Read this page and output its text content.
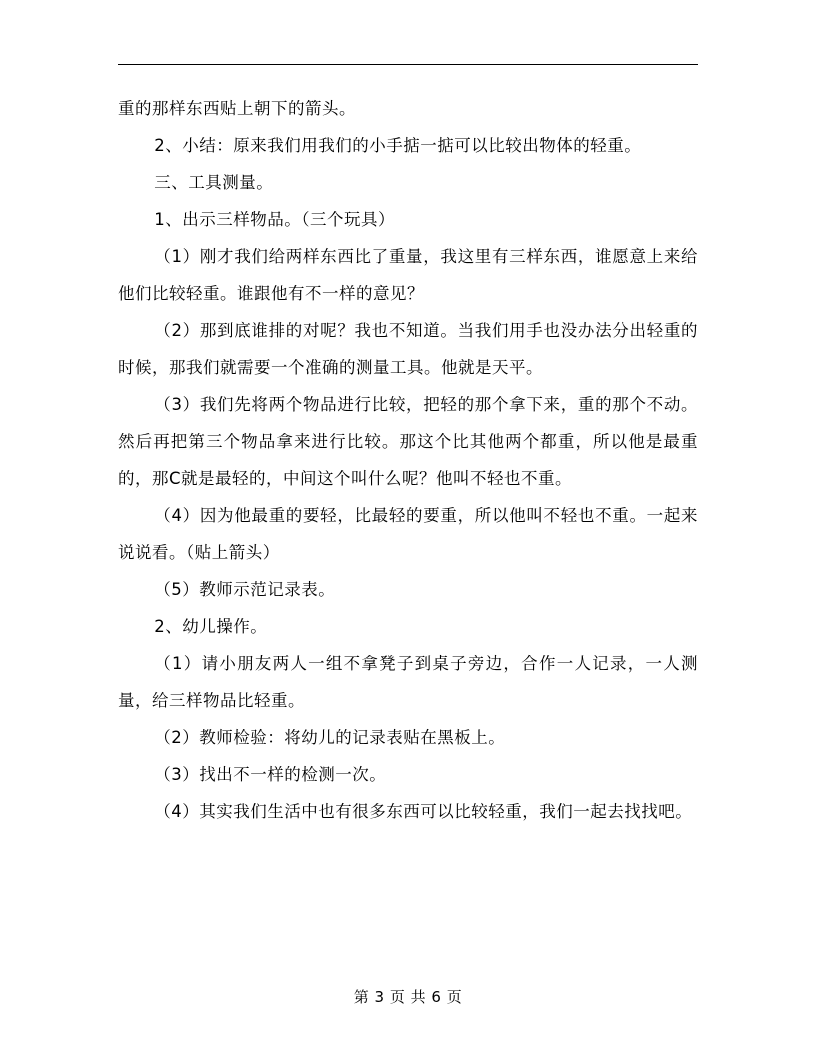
重的那样东西贴上朝下的箭头。

2、小结：原来我们用我们的小手掂一掂可以比较出物体的轻重。

三、工具测量。

1、出示三样物品。（三个玩具）

（1）刚才我们给两样东西比了重量，我这里有三样东西，谁愿意上来给他们比较轻重。谁跟他有不一样的意见？

（2）那到底谁排的对呢？我也不知道。当我们用手也没办法分出轻重的时候，那我们就需要一个准确的测量工具。他就是天平。

（3）我们先将两个物品进行比较，把轻的那个拿下来，重的那个不动。然后再把第三个物品拿来进行比较。那这个比其他两个都重，所以他是最重的，那C就是最轻的，中间这个叫什么呢？他叫不轻也不重。

（4）因为他最重的要轻，比最轻的要重，所以他叫不轻也不重。一起来说说看。（贴上箭头）

（5）教师示范记录表。

2、幼儿操作。

（1）请小朋友两人一组不拿凳子到桌子旁边，合作一人记录，一人测量，给三样物品比轻重。

（2）教师检验：将幼儿的记录表贴在黑板上。

（3）找出不一样的检测一次。

（4）其实我们生活中也有很多东西可以比较轻重，我们一起去找找吧。

第 3 页 共 6 页
